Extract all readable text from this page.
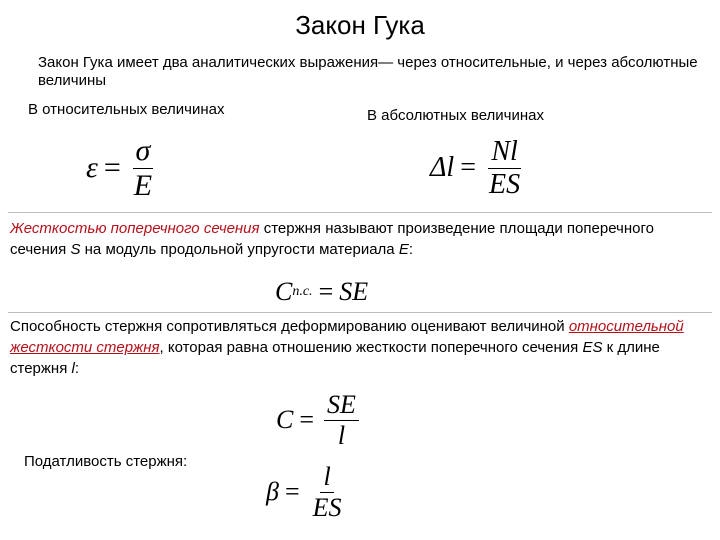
Закон Гука
Закон Гука имеет два аналитических выражения— через относительные, и через абсолютные величины
В относительных величинах	В абсолютных величинах
$\varepsilon = \frac{\sigma}{E}$	$\Delta l = \frac{Nl}{ES}$
Жесткостью поперечного сечения стержня называют произведение площади поперечного сечения S на модуль продольной упругости материала E:
C п.с. = SE
Способность стержня сопротивляться деформированию оценивают величиной относительной жесткости стержня, которая равна отношению жесткости поперечного сечения ES к длине стержня l:
$C = \frac{SE}{l}$
Податливость стержня:
$\beta = \frac{l}{ES}$
